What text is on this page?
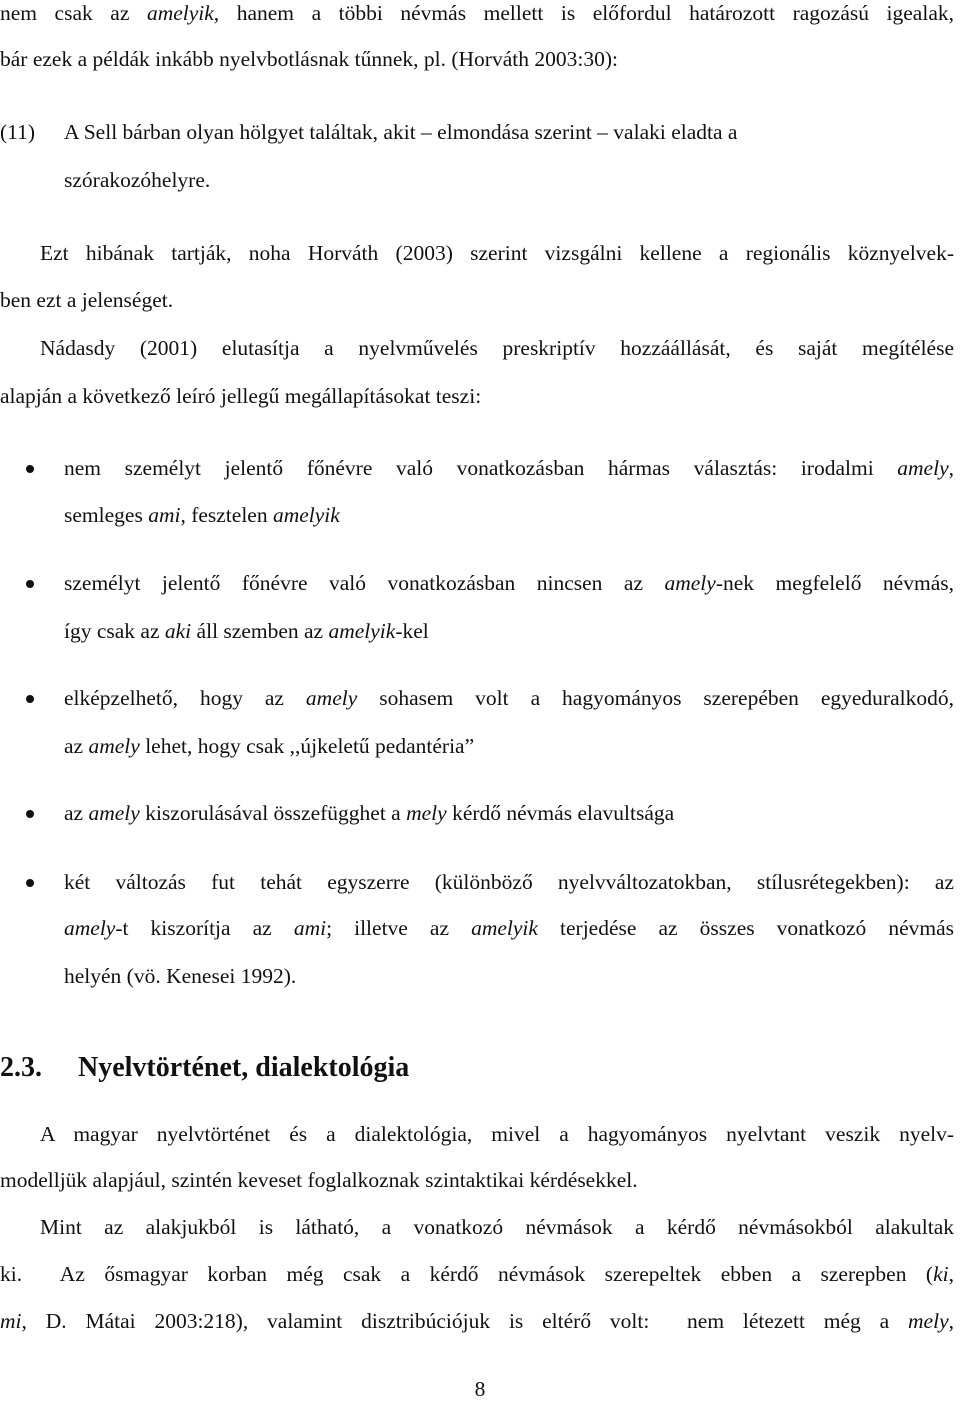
nem csak az amelyik, hanem a többi névmás mellett is előfordul határozott ragozású igealak,
bár ezek a példák inkább nyelvbotlásnak tűnnek, pl. (Horváth 2003:30):
(11) A Sell bárban olyan hölgyet találtak, akit – elmondása szerint – valaki eladta a
szórakozóhelyre.
Ezt hibának tartják, noha Horváth (2003) szerint vizsgálni kellene a regionális köznyelvek-
ben ezt a jelenséget.
Nádasdy (2001) elutasítja a nyelvművelés preskriptív hozzáállását, és saját megítélése
alapján a következő leíró jellegű megállapításokat teszi:
nem személyt jelentő főnévre való vonatkozásban hármas választás: irodalmi amely,
semleges ami, fesztelen amelyik
személyt jelentő főnévre való vonatkozásban nincsen az amely-nek megfelelő névmás,
így csak az aki áll szemben az amelyik-kel
elképzelhető, hogy az amely sohasem volt a hagyományos szerepében egyeduralkodó,
az amely lehet, hogy csak ,,újkeletű pedantéria”
az amely kiszorulásával összefügghet a mely kérdő névmás elavultsága
két változás fut tehát egyszerre (különböző nyelvváltozatokban, stílusrétegekben): az
amely-t kiszorítja az ami; illetve az amelyik terjedése az összes vonatkozó névmás
helyén (vö. Kenesei 1992).
2.3. Nyelvtörténet, dialektológia
A magyar nyelvtörténet és a dialektológia, mivel a hagyományos nyelvtant veszik nyelv-
modelljük alapjául, szintén keveset foglalkoznak szintaktikai kérdésekkel.
Mint az alakjukból is látható, a vonatkozó névmások a kérdő névmásokból alakultak
ki.  Az ősmagyar korban még csak a kérdő névmások szerepeltek ebben a szerepben (ki,
mi, D. Mátai 2003:218), valamint disztribúciójuk is eltérő volt:  nem létezett még a mely,
8
